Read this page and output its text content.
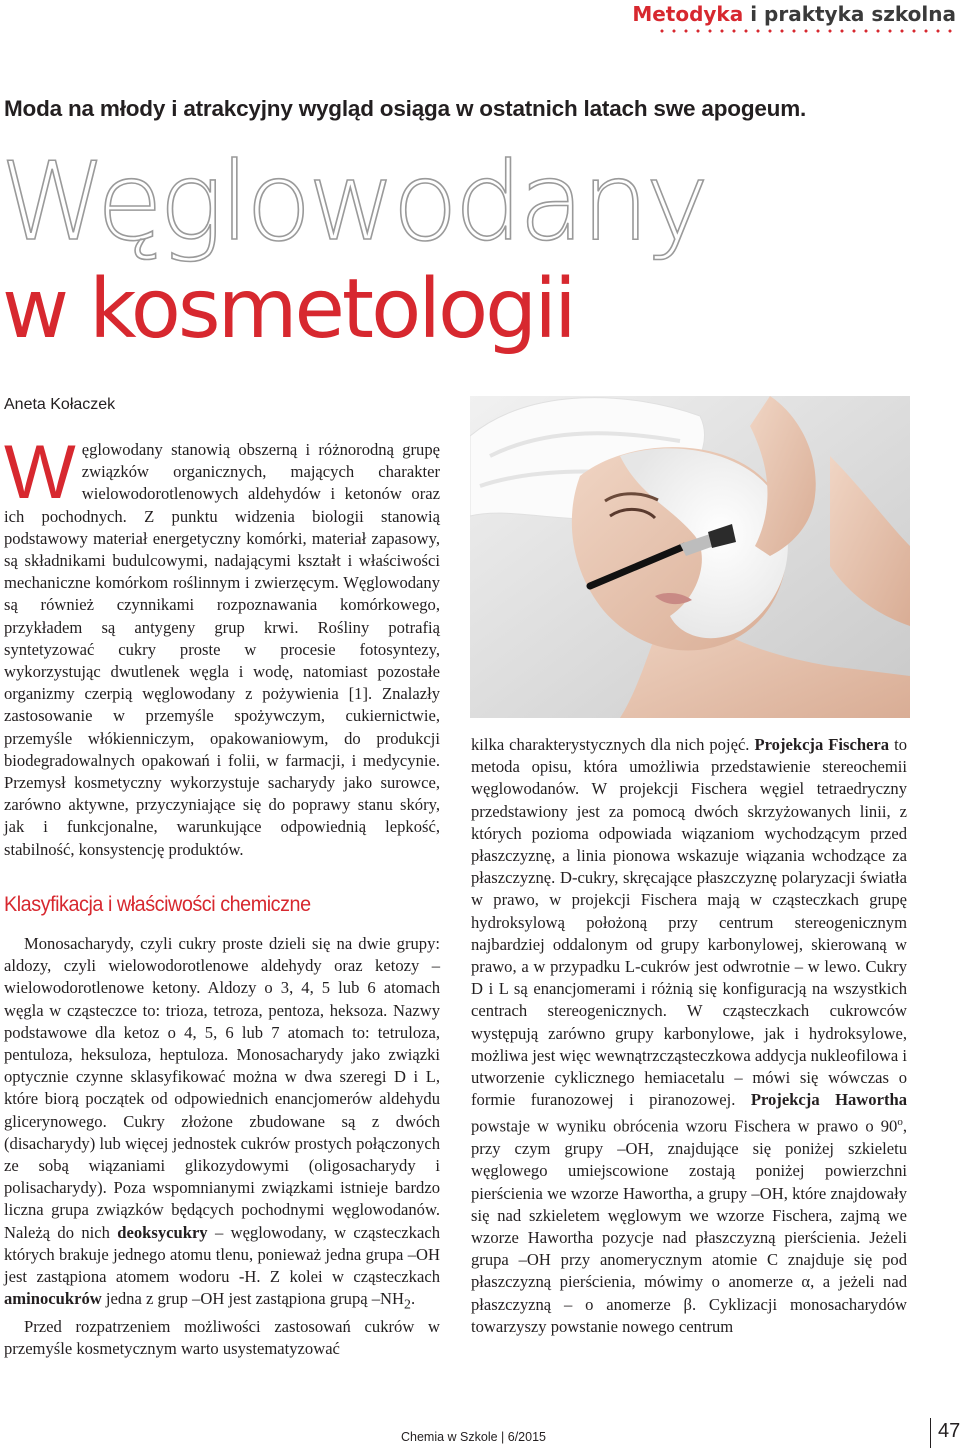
Metodyka i praktyka szkolna
Moda na młody i atrakcyjny wygląd osiąga w ostatnich latach swe apogeum.
Węglowodany
w kosmetologii
Aneta Kołaczek
Węglowodany stanowią obszerną i różnorodną grupę związków organicznych, mających charakter wielowodorotlenowych aldehydów i ketonów oraz ich pochodnych. Z punktu widzenia biologii stanowią podstawowy materiał energetyczny komórki, materiał zapasowy, są składnikami budulcowymi, nadającymi kształt i właściwości mechaniczne komórkom roślinnym i zwierzęcym. Węglowodany są również czynnikami rozpoznawania komórkowego, przykładem są antygeny grup krwi. Rośliny potrafią syntetyzować cukry proste w procesie fotosyntezy, wykorzystując dwutlenek węgla i wodę, natomiast pozostałe organizmy czerpią węglowodany z pożywienia [1]. Znalazły zastosowanie w przemyśle spożywczym, cukiernictwie, przemyśle włókienniczym, opakowaniowym, do produkcji biodegradowalnych opakowań i folii, w farmacji, i medycynie. Przemysł kosmetyczny wykorzystuje sacharydy jako surowce, zarówno aktywne, przyczyniające się do poprawy stanu skóry, jak i funkcjonalne, warunkujące odpowiednią lepkość, stabilność, konsystencję produktów.
Klasyfikacja i właściwości chemiczne

Monosacharydy, czyli cukry proste dzieli się na dwie grupy: aldozy, czyli wielowodorotlenowe aldehydy oraz ketozy – wielowodorotlenowe ketony. Aldozy o 3, 4, 5 lub 6 atomach węgla w cząsteczce to: trioza, tetroza, pentoza, heksoza. Nazwy podstawowe dla ketoz o 4, 5, 6 lub 7 atomach to: tetruloza, pentuloza, heksuloza, heptuloza. Monosacharydy jako związki optycznie czynne sklasyfikować można w dwa szeregi D i L, które biorą początek od odpowiednich enancjomerów aldehydu glicerynowego. Cukry złożone zbudowane są z dwóch (disacharydy) lub więcej jednostek cukrów prostych połączonych ze sobą wiązaniami glikozydowymi (oligosacharydy i polisacharydy). Poza wspomnianymi związkami istnieje bardzo liczna grupa związków będących pochodnymi węglowodanów. Należą do nich deoksycukry – węglowodany, w cząsteczkach których brakuje jednego atomu tlenu, ponieważ jedna grupa –OH jest zastąpiona atomem wodoru -H. Z kolei w cząsteczkach aminocukrów jedna z grup –OH jest zastąpiona grupą $-NH_2$.

Przed rozpatrzeniem możliwości zastosowań cukrów w przemyśle kosmetycznym warto usystematyzować

kilka charakterystycznych dla nich pojęć. Projekcja Fischera to metoda opisu, która umożliwia przedstawienie stereochemii węglowodanów. W projekcji Fischera węgiel tetraedryczny przedstawiony jest za pomocą dwóch skrzyżowanych linii, z których pozioma odpowiada wiązaniom wychodzącym przed płaszczyznę, a linia pionowa wskazuje wiązania wchodzące za płaszczyznę. D-cukry, skręcające płaszczyznę polaryzacji światła w prawo, w projekcji Fischera mają w cząsteczkach grupę hydroksylową położoną przy centrum stereogenicznym najbardziej oddalonym od grupy karbonylowej, skierowaną w prawo, a w przypadku L-cukrów jest odwrotnie – w lewo. Cukry D i L są enancjomerami i różnią się konfiguracją na wszystkich centrach stereogenicznych. W cząsteczkach cukrowców występują zarówno grupy karbonylowe, jak i hydroksylowe, możliwa jest więc wewnątrzcząsteczkowa addycja nukleofilowa i utworzenie cyklicznego hemiacetalu – mówi się wówczas o formie furanozowej i piranozowej. Projekcja Hawortha powstaje w wyniku obrócenia wzoru Fischera w prawo o 90$^o$, przy czym grupy –OH, znajdujące się poniżej szkieletu węglowego umiejscowione zostają poniżej powierzchni pierścienia we wzorze Hawortha, a grupy –OH, które znajdowały się nad szkieletem węglowym we wzorze Fischera, zajmą we wzorze Hawortha pozycje nad płaszczyzną pierścienia. Jeżeli grupa –OH przy anomerycznym atomie C znajduje się pod płaszczyzną pierścienia, mówimy o anomerze α, a jeżeli nad płaszczyzną – o anomerze β. Cyklizacji monosacharydów towarzyszy powstanie nowego centrum

Chemia w Szkole | 6/2015	47
